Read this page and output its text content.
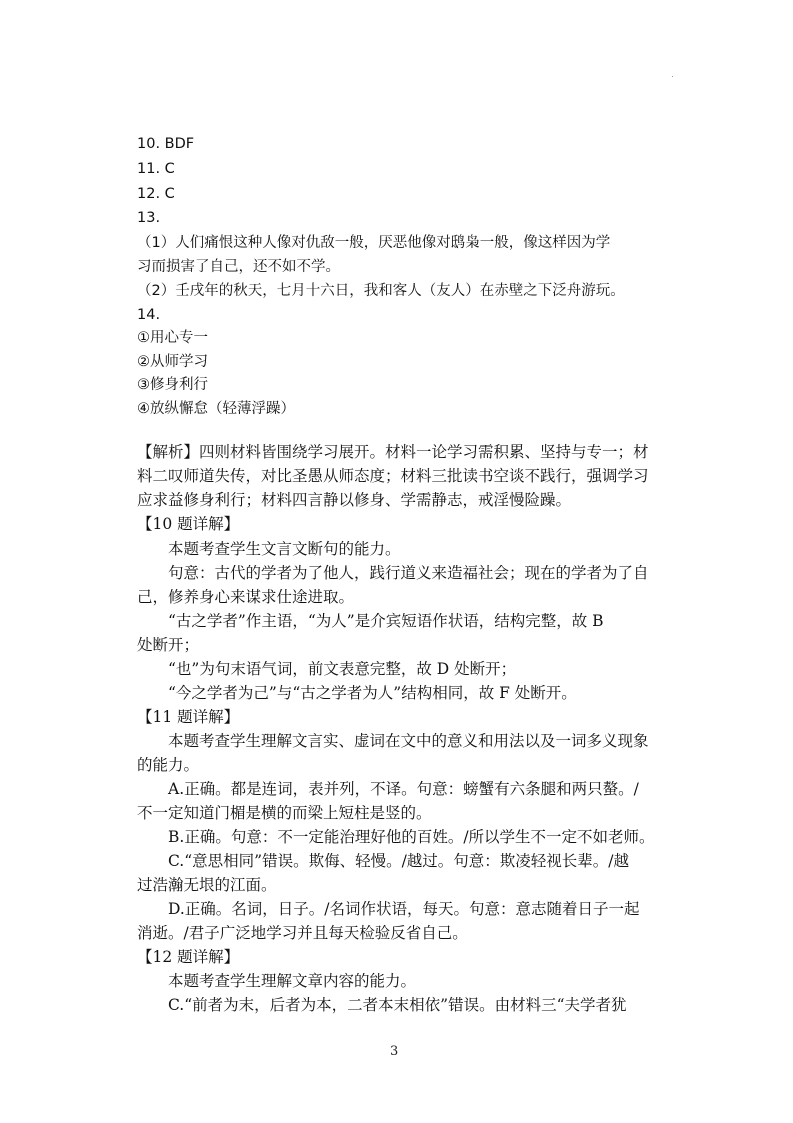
10. BDF
11. C
12. C
13.
（1）人们痛恨这种人像对仇敌一般，厌恶他像对鸱枭一般，像这样因为学
习而损害了自己，还不如不学。
（2）壬戌年的秋天，七月十六日，我和客人（友人）在赤壁之下泛舟游玩。
14.
①用心专一
②从师学习
③修身利行
④放纵懈怠（轻薄浮躁）
【解析】四则材料皆围绕学习展开。材料一论学习需积累、坚持与专一；材
料二叹师道失传，对比圣愚从师态度；材料三批读书空谈不践行，强调学习
应求益修身利行；材料四言静以修身、学需静志，戒淫慢险躁。
【10 题详解】
本题考查学生文言文断句的能力。
句意：古代的学者为了他人，践行道义来造福社会；现在的学者为了自
己，修养身心来谋求仕途进取。
“古之学者”作主语，“为人”是介宾短语作状语，结构完整，故 B
处断开；
“也”为句末语气词，前文表意完整，故 D 处断开；
“今之学者为己”与“古之学者为人”结构相同，故 F 处断开。
【11 题详解】
本题考查学生理解文言实、虚词在文中的意义和用法以及一词多义现象
的能力。
A.正确。都是连词，表并列，不译。句意：螃蟹有六条腿和两只螯。/
不一定知道门楣是横的而梁上短柱是竖的。
B.正确。句意：不一定能治理好他的百姓。/所以学生不一定不如老师。
C.“意思相同”错误。欺侮、轻慢。/越过。句意：欺凌轻视长辈。/越
过浩瀚无垠的江面。
D.正确。名词，日子。/名词作状语，每天。句意：意志随着日子一起
消逝。/君子广泛地学习并且每天检验反省自己。
【12 题详解】
本题考查学生理解文章内容的能力。
C.“前者为末，后者为本，二者本末相依”错误。由材料三“夫学者犹
3
